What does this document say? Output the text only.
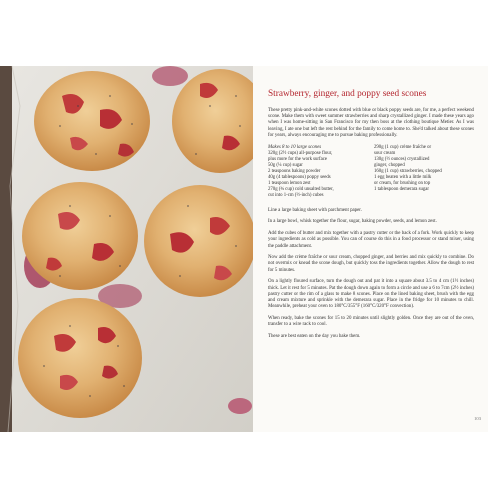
Strawberry, ginger, and poppy seed scones

These pretty pink-and-white scones dotted with blue or black poppy seeds are, for me, a perfect weekend scone. Make them with sweet summer strawberries and sharp crystallized ginger. I made these years ago when I was home-sitting in San Francisco for my then boss at the clothing boutique Metier. As I was leaving, I ate one but left the rest behind for the family to come home to. She'd talked about these scones for years, always encouraging me to pursue baking professionally.

Makes 8 to 10 large scones

320g (2½ cups) all-purpose flour,
plus more for the work surface
50g (¼ cup) sugar
2 teaspoons baking powder
40g (4 tablespoons) poppy seeds
1 teaspoon lemon zest
270g (¾ cup) cold unsalted butter,
cut into 1-cm (½-inch) cubes
290g (1 cup) crème fraîche or
sour cream
130g (½ ounces) crystallized
ginger, chopped
160g (1 cup) strawberries, chopped
1 egg beaten with a little milk
or cream, for brushing on top
1 tablespoon demerara sugar

Line a large baking sheet with parchment paper.

In a large bowl, whisk together the flour, sugar, baking powder, seeds, and lemon zest.

Add the cubes of butter and mix together with a pastry cutter or the back of a fork. Work quickly to keep your ingredients as cold as possible. You can of course do this in a food processor or stand mixer, using the paddle attachment.

Now add the crème fraîche or sour cream, chopped ginger, and berries and mix quickly to combine. Do not overmix or knead the scone dough, but quickly toss the ingredients together. Allow the dough to rest for 5 minutes.

On a lightly floured surface, turn the dough out and pat it into a square about 3.5 to 4 cm (1½ inches) thick. Let it rest for 5 minutes. Pat the dough down again to form a circle and use a 6 to 7cm (2½ inches) pastry cutter or the rim of a glass to make 8 scones. Place on the lined baking sheet, brush with the egg and cream mixture and sprinkle with the demerara sugar. Place in the fridge for 10 minutes to chill. Meanwhile, preheat your oven to 180°C/355°F (160°C/320°F convection).

When ready, bake the scones for 15 to 20 minutes until slightly golden. Once they are out of the oven, transfer to a wire rack to cool.

These are best eaten on the day you bake them.

103
